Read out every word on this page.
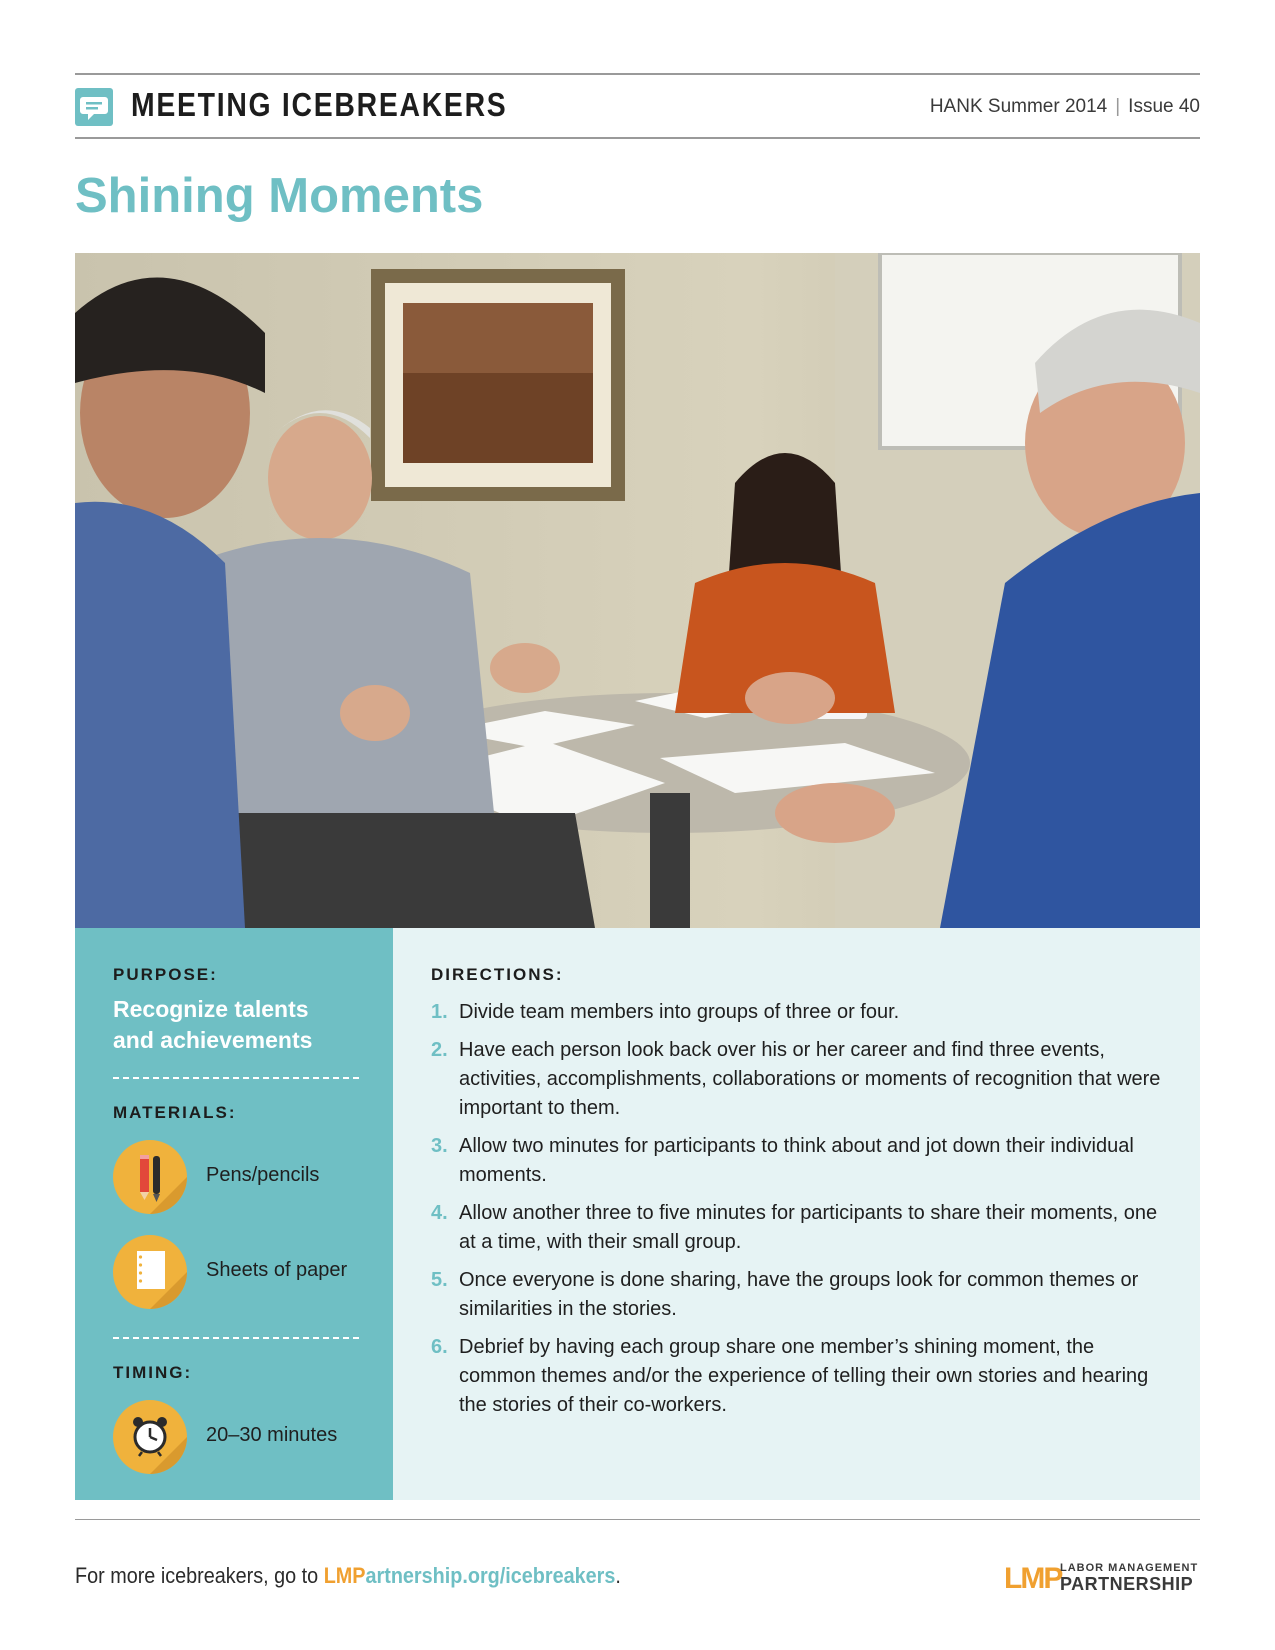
MEETING ICEBREAKERS	HANK Summer 2014 | Issue 40
Shining Moments
PURPOSE:
Recognize talents
and achievements
MATERIALS:
Pens/pencils
Sheets of paper
TIMING:
20–30 minutes
DIRECTIONS:
1. Divide team members into groups of three or four.
2. Have each person look back over his or her career and find three events, activities, accomplishments, collaborations or moments of recognition that were important to them.
3. Allow two minutes for participants to think about and jot down their individual moments.
4. Allow another three to five minutes for participants to share their moments, one at a time, with their small group.
5. Once everyone is done sharing, have the groups look for common themes or similarities in the stories.
6. Debrief by having each group share one member’s shining moment, the common themes and/or the experience of telling their own stories and hearing the stories of their co-workers.
For more icebreakers, go to LMPartnership.org/icebreakers.	LMP
LABOR MANAGEMENT
PARTNERSHIP
